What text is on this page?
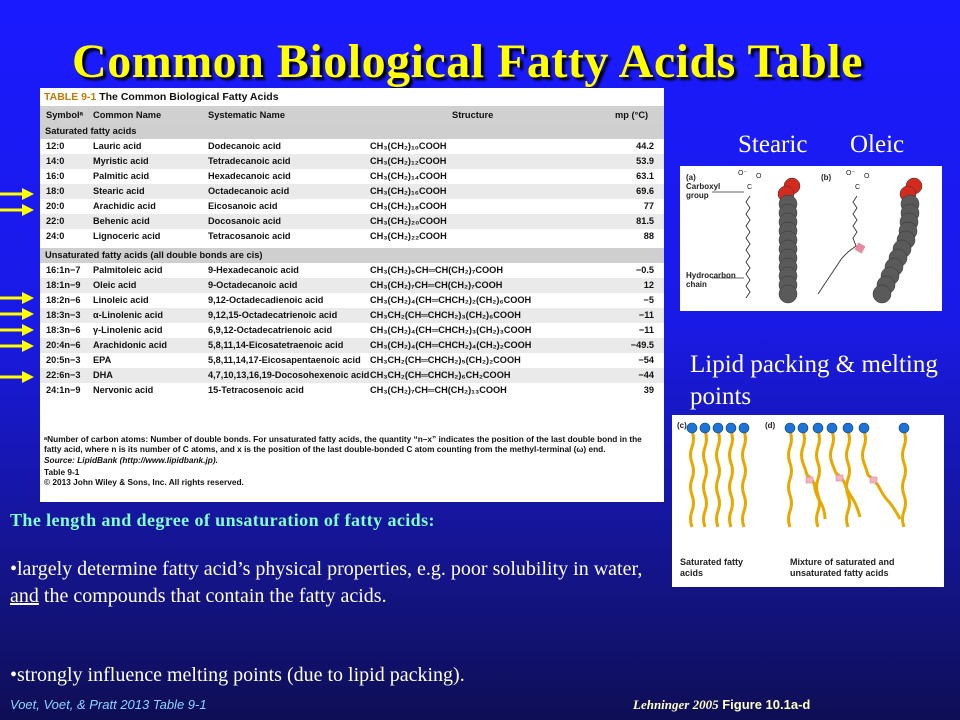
Common Biological Fatty Acids Table
TABLE 9-1 The Common Biological Fatty Acids
Symbolᵃ Common Name	Systematic Name	Structure	mp (°C)
Saturated fatty acids
12:0	Lauric acid	Dodecanoic acid	CH₃(CH₂)₁₀COOH	44.2
14:0	Myristic acid	Tetradecanoic acid	CH₃(CH₂)₁₂COOH	53.9
16:0	Palmitic acid	Hexadecanoic acid	CH₃(CH₂)₁₄COOH	63.1
18:0	Stearic acid	Octadecanoic acid	CH₃(CH₂)₁₆COOH	69.6
20:0	Arachidic acid	Eicosanoic acid	CH₃(CH₂)₁₈COOH	77
22:0	Behenic acid	Docosanoic acid	CH₃(CH₂)₂₀COOH	81.5
24:0	Lignoceric acid	Tetracosanoic acid	CH₃(CH₂)₂₂COOH	88
Unsaturated fatty acids (all double bonds are cis)
16:1n−7 Palmitoleic acid	9-Hexadecanoic acid	CH₃(CH₂)₅CH═CH(CH₂)₇COOH	−0.5
18:1n−9 Oleic acid	9-Octadecanoic acid	CH₃(CH₂)₇CH═CH(CH₂)₇COOH	12
18:2n−6 Linoleic acid	9,12-Octadecadienoic acid	CH₃(CH₂)₄(CH═CHCH₂)₂(CH₂)₆COOH	−5
18:3n−3 α-Linolenic acid	9,12,15-Octadecatrienoic acid	CH₃CH₂(CH═CHCH₂)₃(CH₂)₆COOH	−11
18:3n−6 γ-Linolenic acid	6,9,12-Octadecatrienoic acid	CH₃(CH₂)₄(CH═CHCH₂)₃(CH₂)₃COOH	−11
20:4n−6 Arachidonic acid	5,8,11,14-Eicosatetraenoic acid	CH₃(CH₂)₄(CH═CHCH₂)₄(CH₂)₂COOH	−49.5
20:5n−3 EPA	5,8,11,14,17-Eicosapentaenoic acid CH₃CH₂(CH═CHCH₂)₅(CH₂)₂COOH	−54
22:6n−3 DHA	4,7,10,13,16,19-Docosohexenoic acid CH₃CH₂(CH═CHCH₂)₆CH₂COOH	−44
24:1n−9 Nervonic acid	15-Tetracosenoic acid	CH₃(CH₂)₇CH═CH(CH₂)₁₃COOH	39
ᵃNumber of carbon atoms: Number of double bonds. For unsaturated fatty acids, the quantity “n–x” indicates the position of the last double bond in the fatty acid, where n is its number of C atoms, and x is the position of the last double-bonded C atom counting from the methyl-terminal (ω) end.
Source: LipidBank (http://www.lipidbank.jp).
Table 9-1
© 2013 John Wiley & Sons, Inc. All rights reserved.
Stearic Oleic
Lipid packing & melting points
(a) Carboxyl group
Hydrocarbon chain
(b)
O⁻ O
C
O⁻ O
C
(c)	(d)
Saturated fatty acids
Mixture of saturated and unsaturated fatty acids
The length and degree of unsaturation of fatty acids:
•largely determine fatty acid’s physical properties, e.g. poor solubility in water, and the compounds that contain the fatty acids.
•strongly influence melting points (due to lipid packing).
Voet, Voet, & Pratt 2013 Table 9-1	Lehninger 2005 Figure 10.1a-d
